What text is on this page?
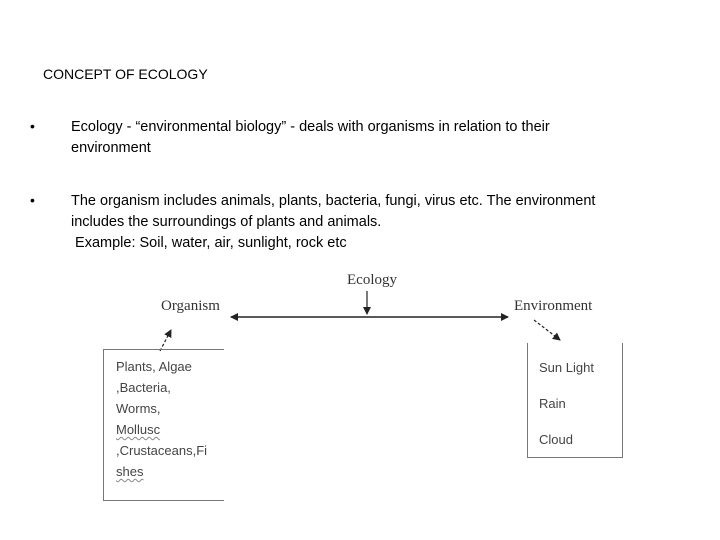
CONCEPT OF ECOLOGY
• Ecology - “environmental biology” - deals with organisms in relation to their
environment
• The organism includes animals, plants, bacteria, fungi, virus etc. The environment
includes the surroundings of plants and animals.
Example: Soil, water, air, sunlight, rock etc
Ecology
Organism	Environment
Plants, Algae
,Bacteria,
Worms,
Mollusc
,Crustaceans,Fi
shes
Sun Light
Rain
Cloud
